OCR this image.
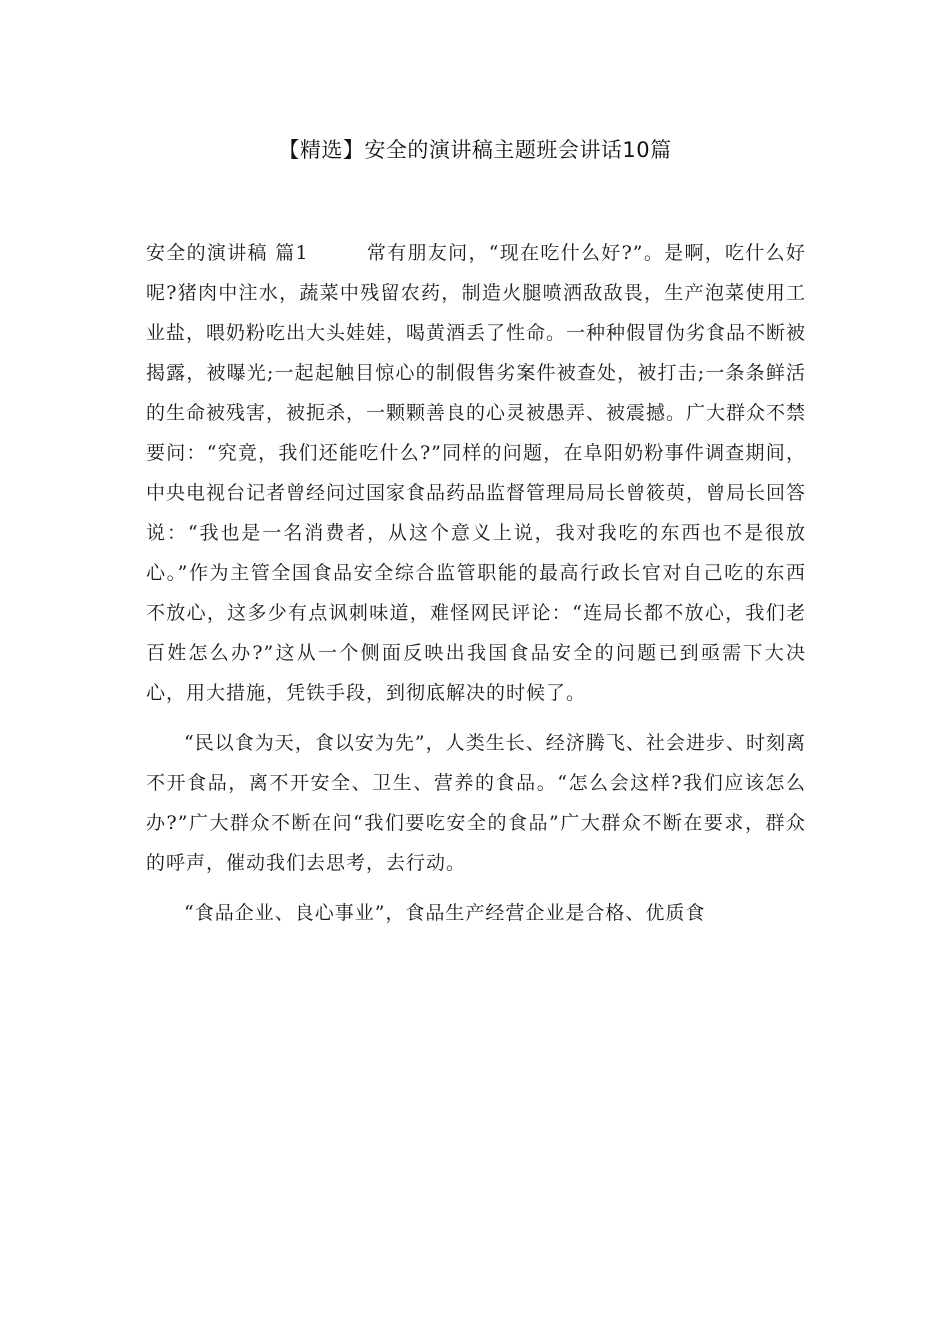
【精选】安全的演讲稿主题班会讲话10篇

安全的演讲稿 篇1	常有朋友问，“现在吃什么好?”。是啊，吃什么好呢?猪肉中注水，蔬菜中残留农药，制造火腿喷洒敌敌畏，生产泡菜使用工业盐，喂奶粉吃出大头娃娃，喝黄酒丢了性命。一种种假冒伪劣食品不断被揭露，被曝光;一起起触目惊心的制假售劣案件被查处，被打击;一条条鲜活的生命被残害，被扼杀，一颗颗善良的心灵被愚弄、被震撼。广大群众不禁要问：“究竟，我们还能吃什么?”同样的问题，在阜阳奶粉事件调查期间，中央电视台记者曾经问过国家食品药品监督管理局局长曾筱萸，曾局长回答说：“我也是一名消费者，从这个意义上说，我对我吃的东西也不是很放心。”作为主管全国食品安全综合监管职能的最高行政长官对自己吃的东西不放心，这多少有点讽刺味道，难怪网民评论：“连局长都不放心，我们老百姓怎么办?”这从一个侧面反映出我国食品安全的问题已到亟需下大决心，用大措施，凭铁手段，到彻底解决的时候了。

“民以食为天，食以安为先”，人类生长、经济腾飞、社会进步、时刻离不开食品，离不开安全、卫生、营养的食品。“怎么会这样?我们应该怎么办?”广大群众不断在问“我们要吃安全的食品”广大群众不断在要求，群众的呼声，催动我们去思考，去行动。

“食品企业、良心事业”，食品生产经营企业是合格、优质食
